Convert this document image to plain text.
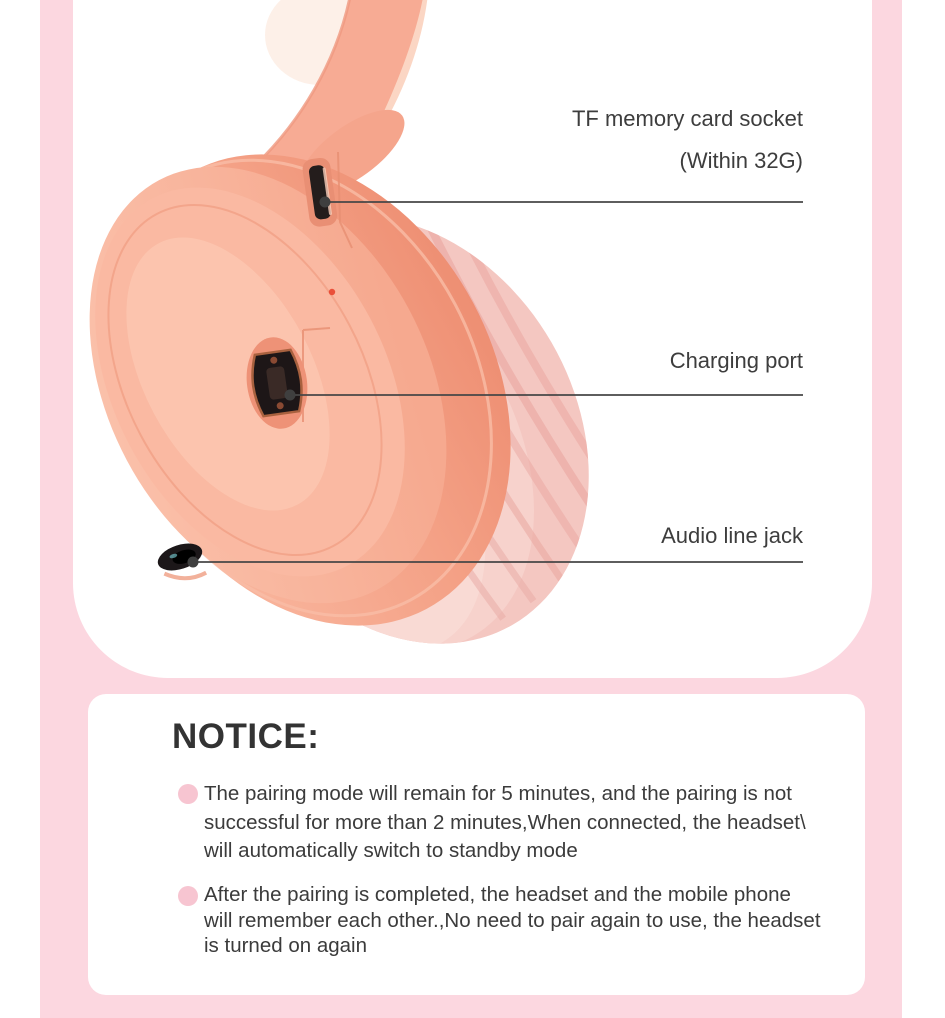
TF memory card socket
(Within 32G)
Charging port
Audio line jack
NOTICE:
The pairing mode will remain for 5 minutes, and the pairing is not
successful for more than 2 minutes,When connected, the headset\
will automatically switch to standby mode
After the pairing is completed, the headset and the mobile phone
will remember each other.,No need to pair again to use, the headset
is turned on again
